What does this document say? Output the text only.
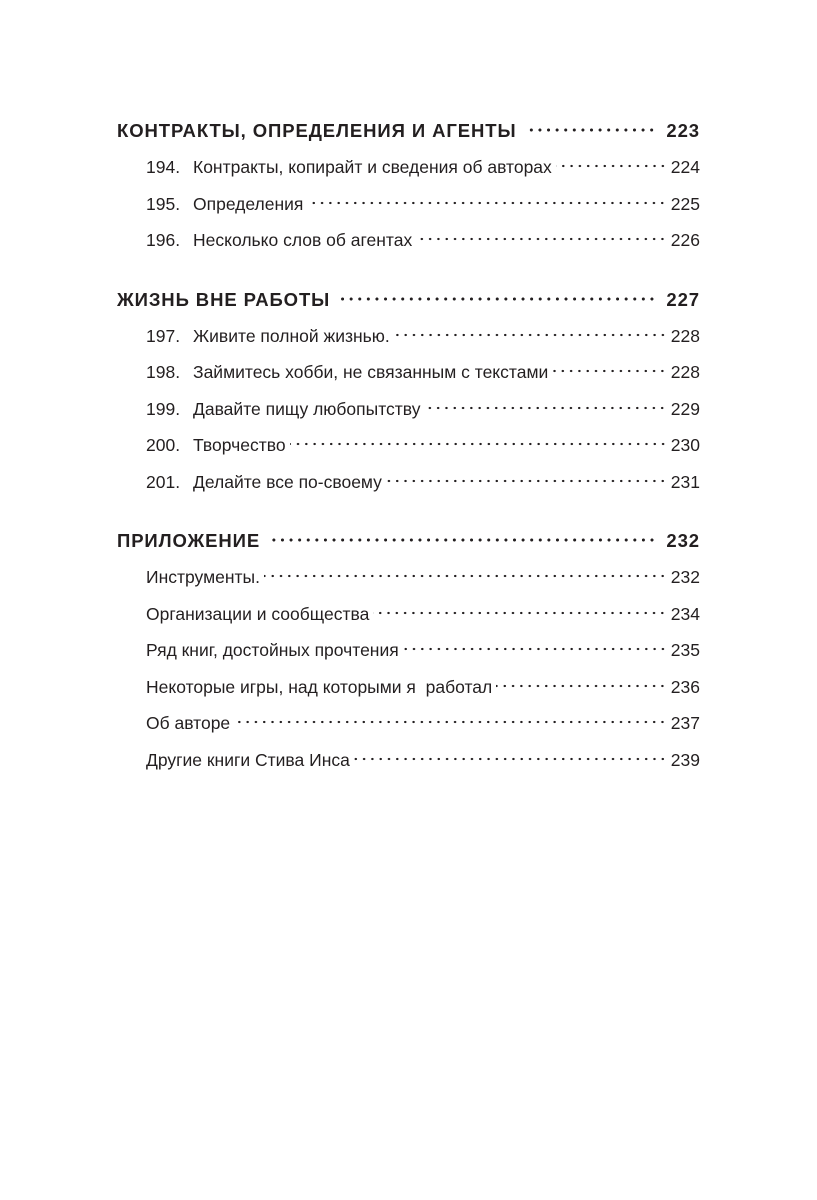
КОНТРАКТЫ, ОПРЕДЕЛЕНИЯ И АГЕНТЫ	223
194. Контракты, копирайт и сведения об авторах	224
195. Определения	225
196. Несколько слов об агентах	226
ЖИЗНЬ ВНЕ РАБОТЫ	227
197. Живите полной жизнью.	228
198. Займитесь хобби, не связанным с текстами	228
199. Давайте пищу любопытству	229
200. Творчество	230
201. Делайте все по-своему	231
ПРИЛОЖЕНИЕ	232
Инструменты.	232
Организации и сообщества	234
Ряд книг, достойных прочтения	235
Некоторые игры, над которыми я  работал	236
Об авторе	237
Другие книги Стива Инса	239
